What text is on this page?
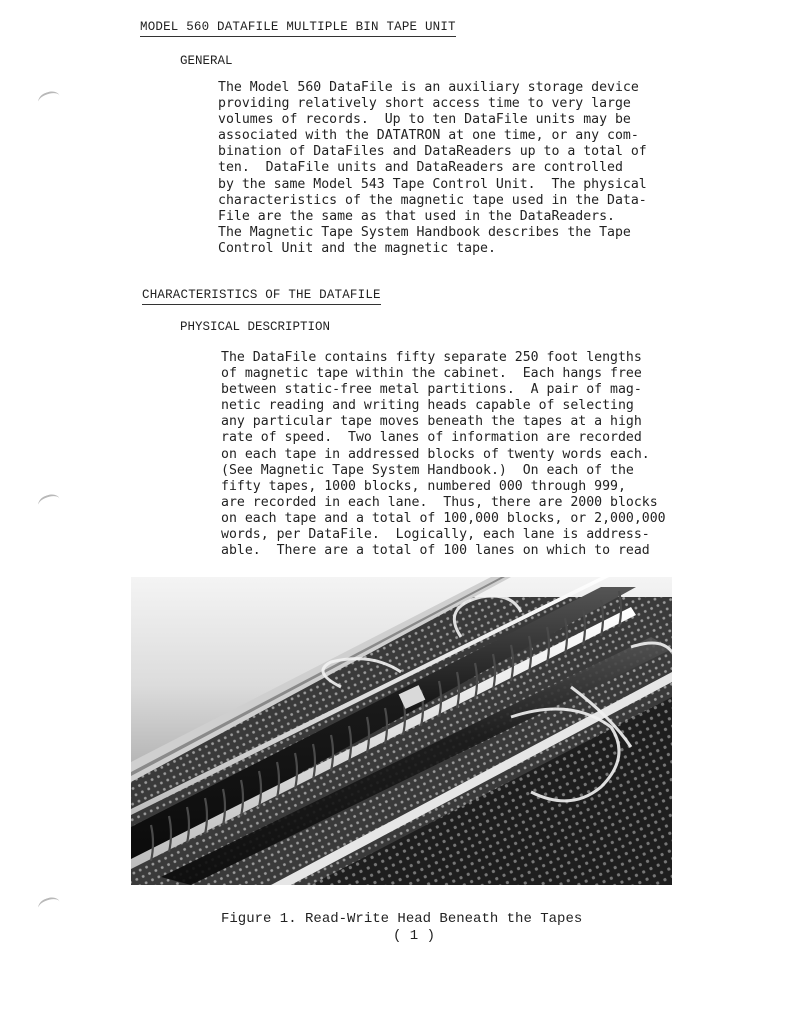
MODEL 560 DATAFILE MULTIPLE BIN TAPE UNIT
GENERAL
The Model 560 DataFile is an auxiliary storage device
providing relatively short access time to very large
volumes of records.  Up to ten DataFile units may be
associated with the DATATRON at one time, or any com-
bination of DataFiles and DataReaders up to a total of
ten.  DataFile units and DataReaders are controlled
by the same Model 543 Tape Control Unit.  The physical
characteristics of the magnetic tape used in the Data-
File are the same as that used in the DataReaders.
The Magnetic Tape System Handbook describes the Tape
Control Unit and the magnetic tape.
CHARACTERISTICS OF THE DATAFILE
PHYSICAL DESCRIPTION
The DataFile contains fifty separate 250 foot lengths
of magnetic tape within the cabinet.  Each hangs free
between static-free metal partitions.  A pair of mag-
netic reading and writing heads capable of selecting
any particular tape moves beneath the tapes at a high
rate of speed.  Two lanes of information are recorded
on each tape in addressed blocks of twenty words each.
(See Magnetic Tape System Handbook.)  On each of the
fifty tapes, 1000 blocks, numbered 000 through 999,
are recorded in each lane.  Thus, there are 2000 blocks
on each tape and a total of 100,000 blocks, or 2,000,000
words, per DataFile.  Logically, each lane is address-
able.  There are a total of 100 lanes on which to read
Figure 1. Read-Write Head Beneath the Tapes
( 1 )
